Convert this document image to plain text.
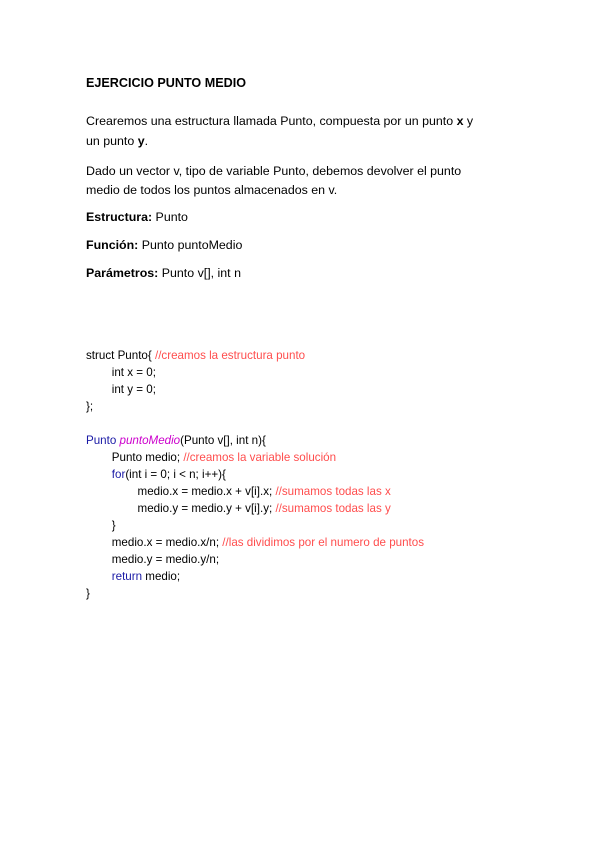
EJERCICIO PUNTO MEDIO
Crearemos una estructura llamada Punto, compuesta por un punto x y
un punto y.
Dado un vector v, tipo de variable Punto, debemos devolver el punto
medio de todos los puntos almacenados en v.
Estructura: Punto
Función: Punto puntoMedio
Parámetros: Punto v[], int n
struct Punto{ //creamos la estructura punto
int x = 0;
int y = 0;
};
Punto puntoMedio(Punto v[], int n){
Punto medio; //creamos la variable solución
for(int i = 0; i < n; i++){
medio.x = medio.x + v[i].x; //sumamos todas las x
medio.y = medio.y + v[i].y; //sumamos todas las y
}
medio.x = medio.x/n; //las dividimos por el numero de puntos
medio.y = medio.y/n;
return medio;
}
